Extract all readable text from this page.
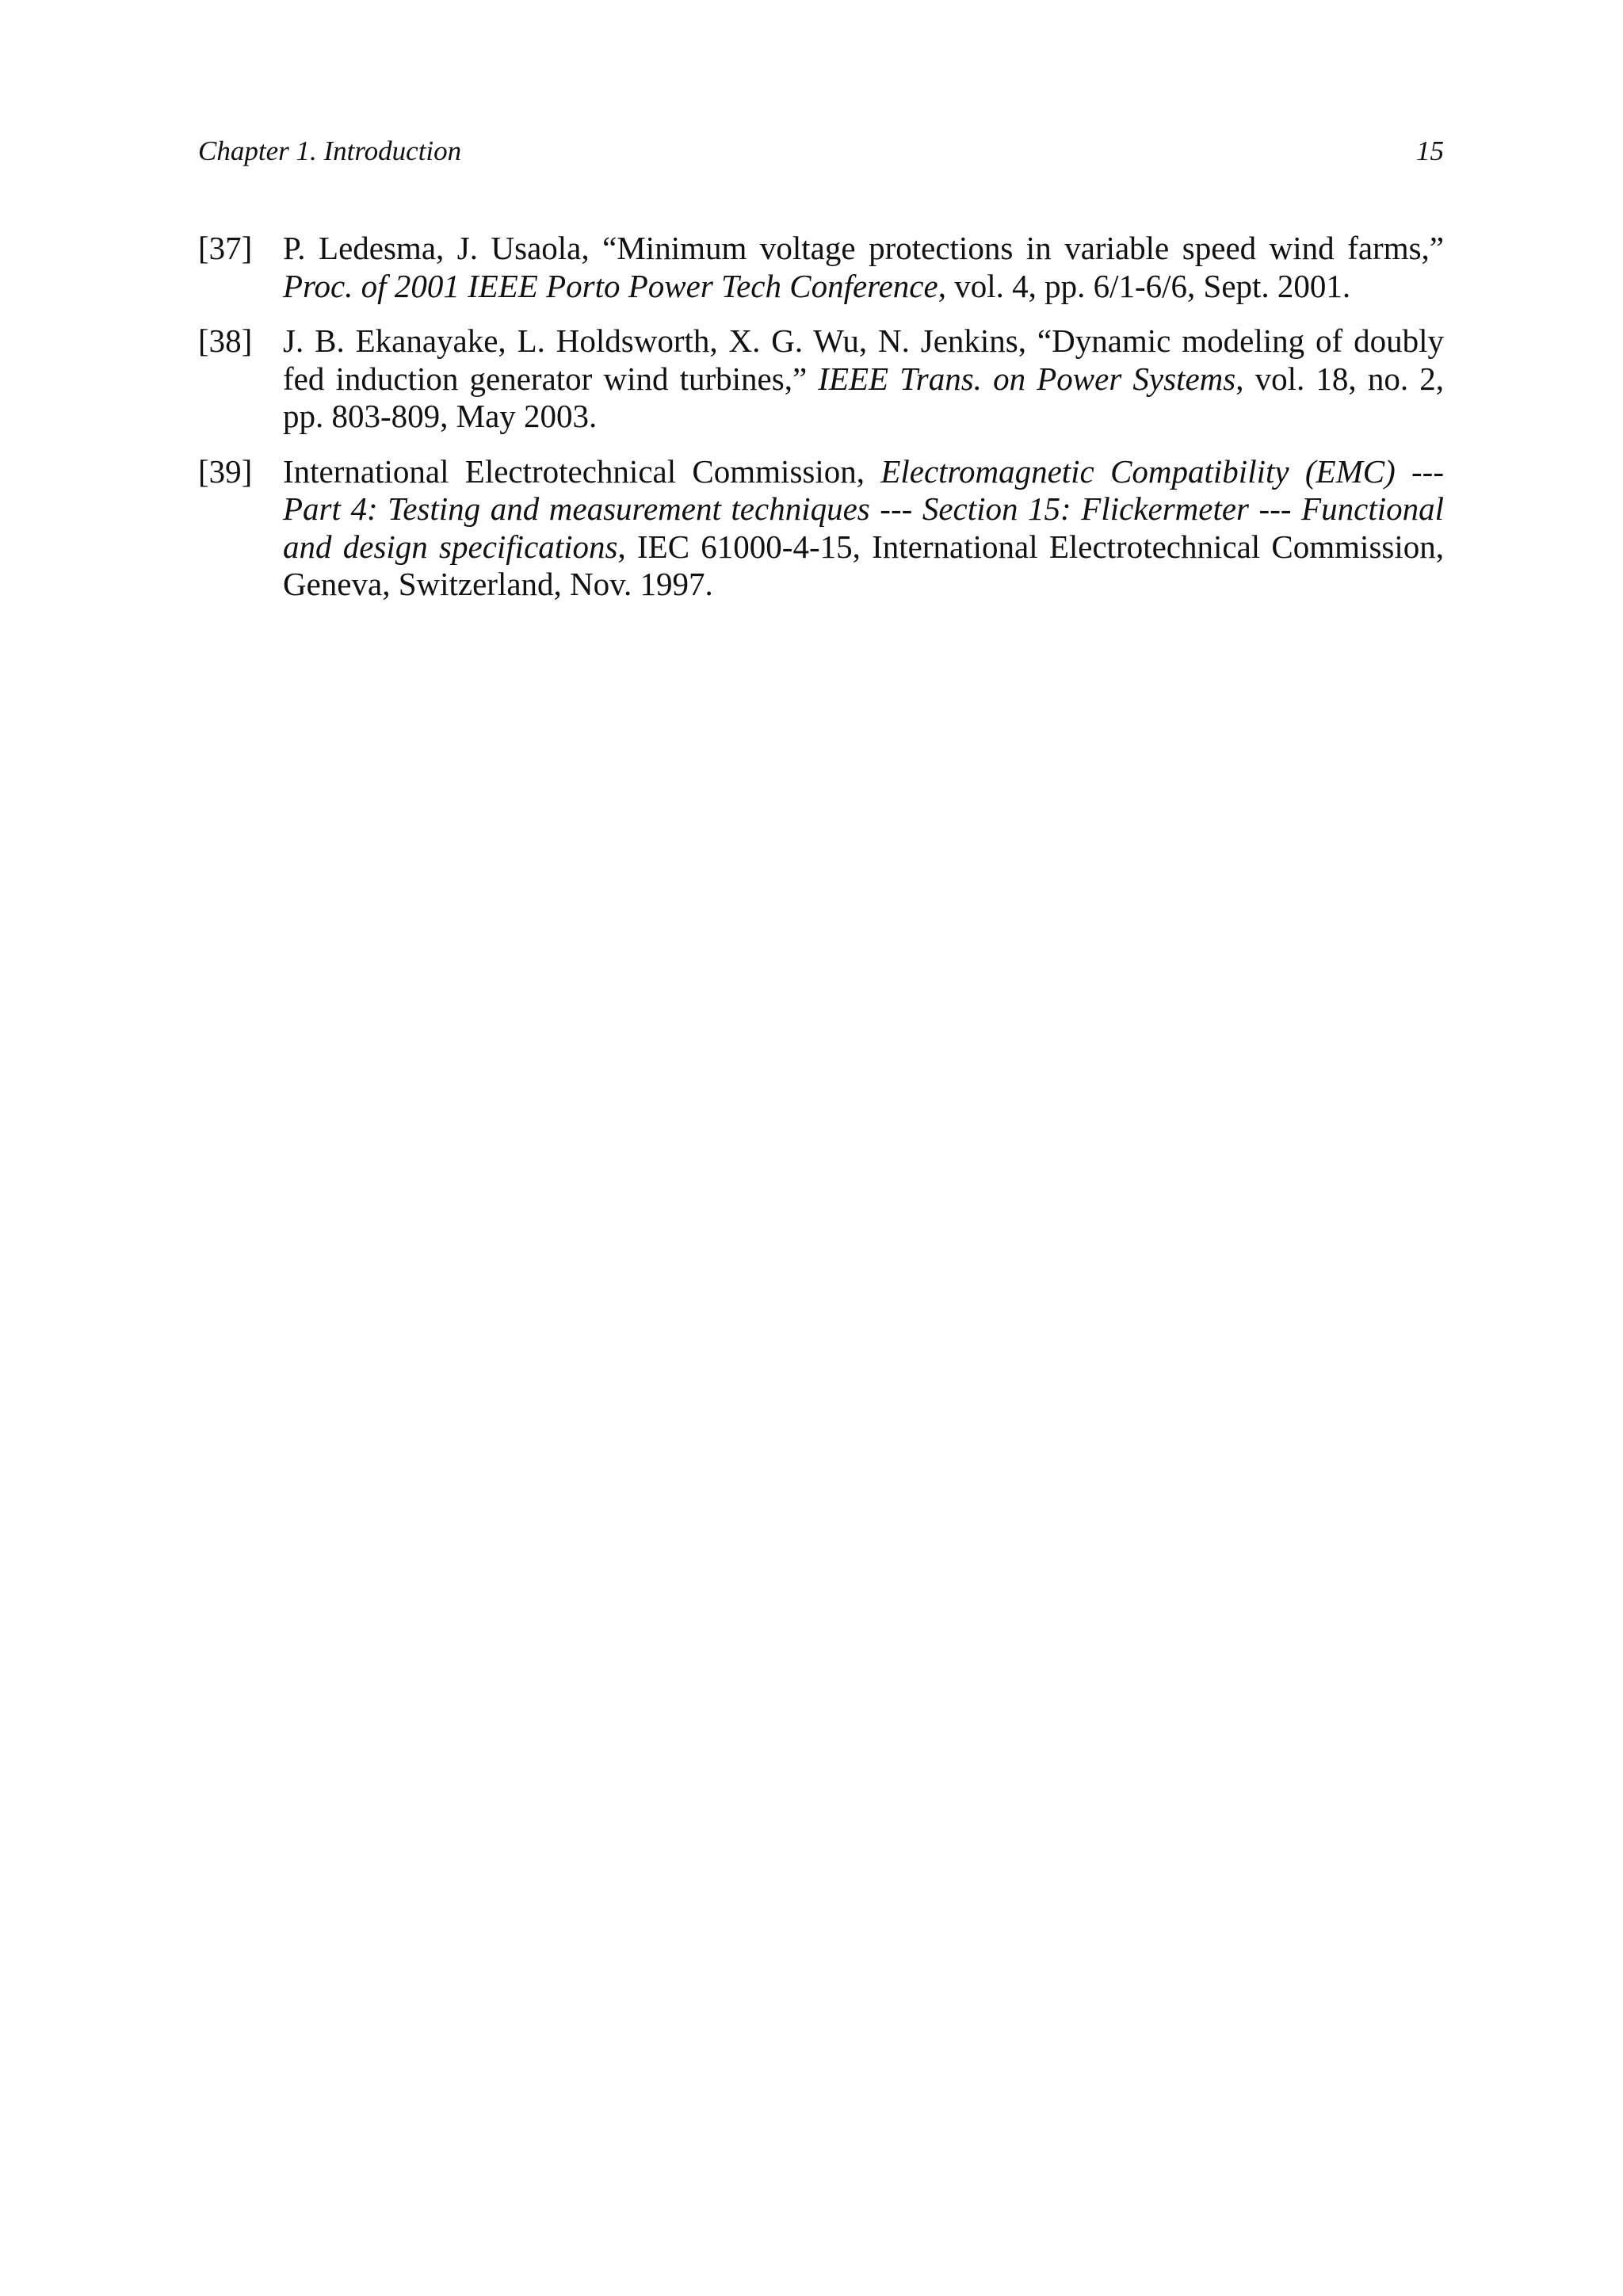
Chapter 1. Introduction	15
[37] P. Ledesma, J. Usaola, “Minimum voltage protections in variable speed wind farms,” Proc. of 2001 IEEE Porto Power Tech Conference, vol. 4, pp. 6/1-6/6, Sept. 2001.
[38] J. B. Ekanayake, L. Holdsworth, X. G. Wu, N. Jenkins, “Dynamic modeling of doubly fed induction generator wind turbines,” IEEE Trans. on Power Systems, vol. 18, no. 2, pp. 803-809, May 2003.
[39] International Electrotechnical Commission, Electromagnetic Compatibility (EMC) --- Part 4: Testing and measurement techniques --- Section 15: Flickermeter --- Functional and design specifications, IEC 61000-4-15, International Electrotechnical Commission, Geneva, Switzerland, Nov. 1997.
